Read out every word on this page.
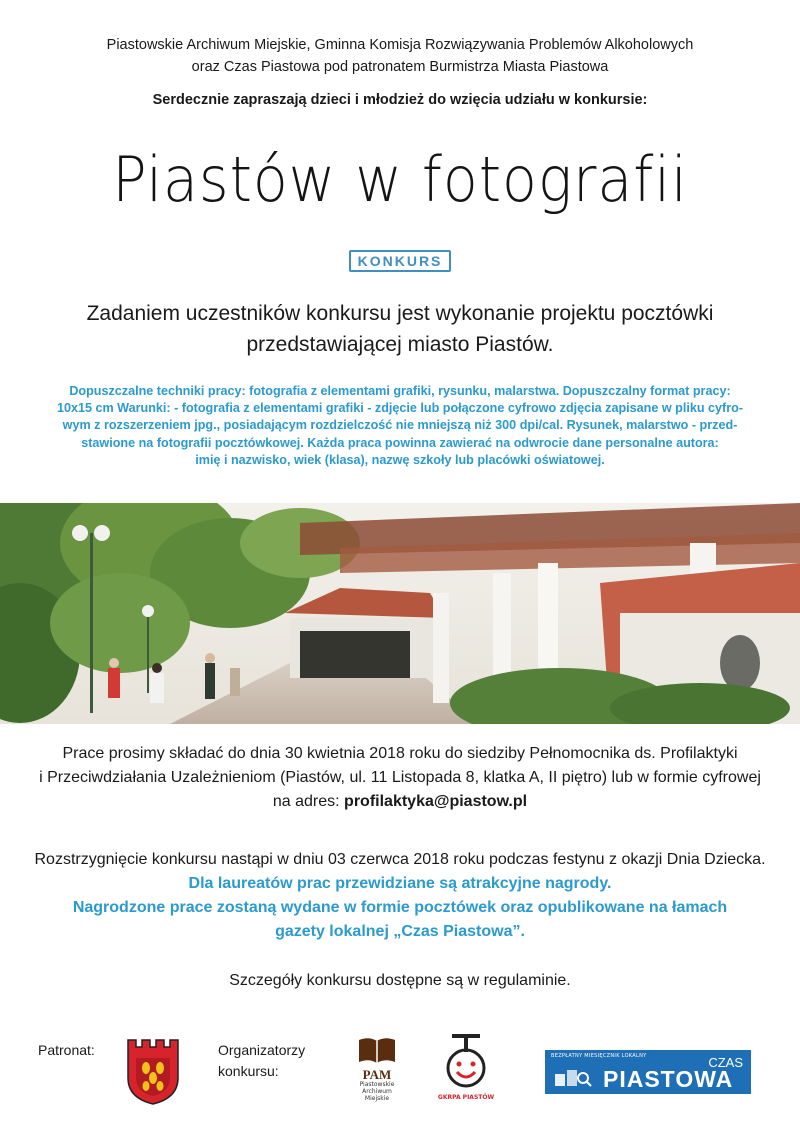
Piastowskie Archiwum Miejskie, Gminna Komisja Rozwiązywania Problemów Alkoholowych
oraz Czas Piastowa pod patronatem Burmistrza Miasta Piastowa
Serdecznie zapraszają dzieci i młodzież do wzięcia udziału w konkursie:
Piastów w fotografii
KONKURS
Zadaniem uczestników konkursu jest wykonanie projektu pocztówki
przedstawiającej miasto Piastów.
Dopuszczalne techniki pracy: fotografia z elementami grafiki, rysunku, malarstwa. Dopuszczalny format pracy:
10x15 cm Warunki: - fotografia z elementami grafiki - zdjęcie lub połączone cyfrowo zdjęcia zapisane w pliku cyfro-
wym z rozszerzeniem jpg., posiadającym rozdzielczość nie mniejszą niż 300 dpi/cal. Rysunek, malarstwo - przed-
stawione na fotografii pocztówkowej. Każda praca powinna zawierać na odwrocie dane personalne autora:
imię i nazwisko, wiek (klasa), nazwę szkoły lub placówki oświatowej.
Prace prosimy składać do dnia 30 kwietnia 2018 roku do siedziby Pełnomocnika ds. Profilaktyki
i Przeciwdziałania Uzależnieniom (Piastów, ul. 11 Listopada 8, klatka A, II piętro) lub w formie cyfrowej
na adres: profilaktyka@piastow.pl
Rozstrzygnięcie konkursu nastąpi w dniu 03 czerwca 2018 roku podczas festynu z okazji Dnia Dziecka.
Dla laureatów prac przewidziane są atrakcyjne nagrody.
Nagrodzone prace zostaną wydane w formie pocztówek oraz opublikowane na łamach
gazety lokalnej „Czas Piastowa”.
Szczegóły konkursu dostępne są w regulaminie.
Patronat:	Organizatorzy
konkursu:	PAM
Piastowskie
Archiwum
Miejskie	GKRPA PIASTÓW
BEZPŁATNY MIESIĘCZNIK LOKALNY	CZAS
PIASTOWA
